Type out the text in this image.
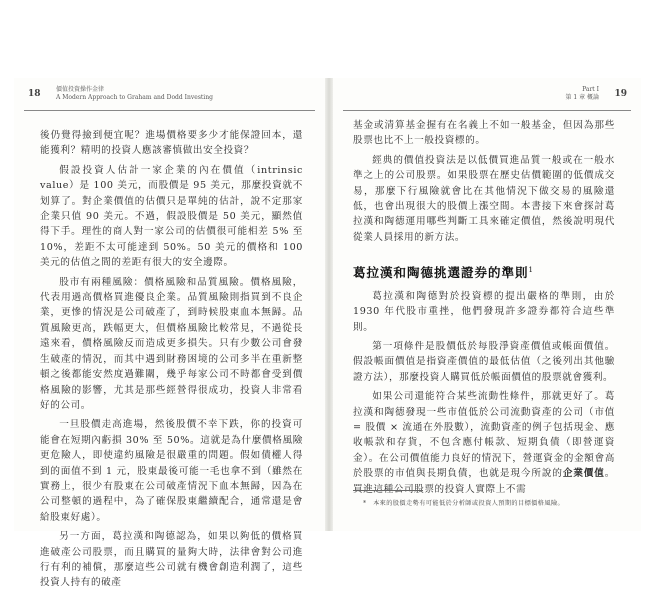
18	價值投資操作金律
A Modern Approach to Graham and Dodd Investing

後仍覺得撿到便宜呢？進場價格要多少才能保證回本，還能獲利？精明的投資人應該審慎做出安全投資？

假設投資人估計一家企業的內在價值（intrinsic value）是 100 美元，而股價是 95 美元，那麼投資就不划算了。對企業價值的估價只是單純的估計，說不定那家企業只值 90 美元。不過，假設股價是 50 美元，顯然值得下手。理性的商人對一家公司的估價很可能相差 5% 至 10%，差距不太可能達到 50%。50 美元的價格和 100 美元的估值之間的差距有很大的安全邊際。

股市有兩種風險：價格風險和品質風險。價格風險，代表用過高價格買進優良企業。品質風險則指買到不良企業，更慘的情況是公司破產了，到時候股東血本無歸。品質風險更高，跌幅更大，但價格風險比較常見，不過從長遠來看，價格風險反而造成更多損失。只有少數公司會發生破產的情況，而其中遇到財務困境的公司多半在重新整頓之後都能安然度過難關，幾乎每家公司不時都會受到價格風險的影響，尤其是那些經營得很成功，投資人非常看好的公司。

一旦股價走高進場，然後股價不幸下跌，你的投資可能會在短期內虧損 30% 至 50%。這就是為什麼價格風險更危險人，即使違約風險是很嚴重的問題。假如債權人得到的面值不到 1 元，股東最後可能一毛也拿不到（雖然在實務上，很少有股東在公司破產情況下血本無歸，因為在公司整頓的過程中，為了確保股東繼續配合，通常還是會給股東好處）。

另一方面，葛拉漢和陶德認為，如果以夠低的價格買進破產公司股票，而且購買的量夠大時，法律會對公司進行有利的補償，那麼這些公司就有機會創造利潤了，這些投資人持有的破產

Part I
第 1 章 概論 19

基金或清算基金握有在名義上不如一般基金，但因為那些股票也比不上一般投資標的。

經典的價值投資法是以低價買進品質一般或在一般水準之上的公司股票。如果股票在歷史估價範圍的低價成交易，那麼下行風險就會比在其他情況下做交易的風險還低，也會出現很大的股價上漲空間。本書接下來會探討葛拉漢和陶德運用哪些判斷工具來確定價值，然後說明現代從業人員採用的新方法。

葛拉漢和陶德挑選證券的準則$^1$

葛拉漢和陶德對於投資標的提出嚴格的準則，由於 1930 年代股市重挫，他們發現許多證券都符合這些準則。

第一項條件是股價低於每股淨資產價值或帳面價值。假設帳面價值是指資產價值的最低估值（之後列出其他驗證方法），那麼投資人購買低於帳面價值的股票就會獲利。

如果公司還能符合某些流動性條件，那就更好了。葛拉漢和陶德發現一些市值低於公司流動資產的公司（市值 = 股價 × 流通在外股數），流動資產的例子包括現金、應收帳款和存貨，不包含應付帳款、短期負債（即營運資金）。在公司價值能力良好的情況下，營運資金的金額會高於股票的市值與長期負債，也就是現今所說的企業價值。買進這種公司股票的投資人實際上不需

*　本來的股價走勢有可能低於分析師或投資人預期的目標價格風險。
